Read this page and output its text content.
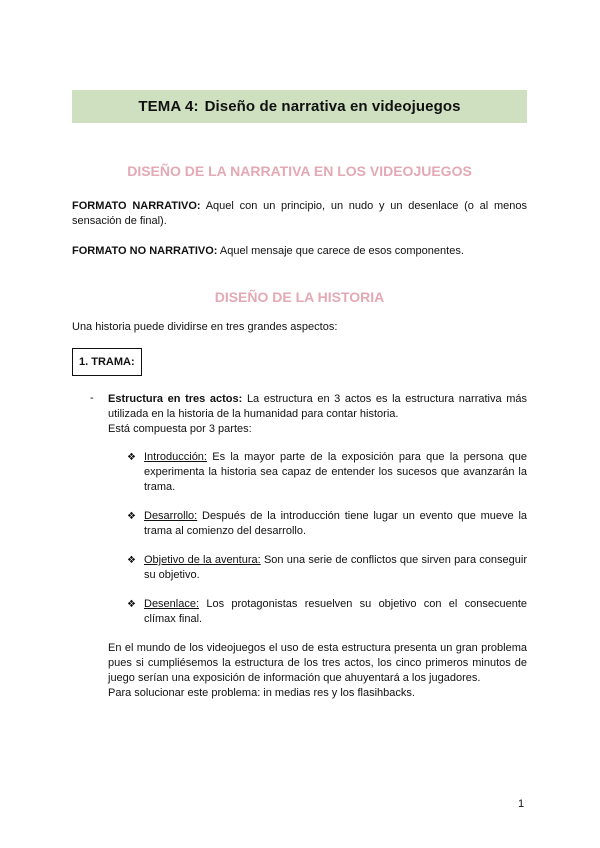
TEMA 4: Diseño de narrativa en videojuegos
DISEÑO DE LA NARRATIVA EN LOS VIDEOJUEGOS
FORMATO NARRATIVO: Aquel con un principio, un nudo y un desenlace (o al menos sensación de final).
FORMATO NO NARRATIVO: Aquel mensaje que carece de esos componentes.
DISEÑO DE LA HISTORIA
Una historia puede dividirse en tres grandes aspectos:
1. TRAMA:
- Estructura en tres actos: La estructura en 3 actos es la estructura narrativa más utilizada en la historia de la humanidad para contar historia.
Está compuesta por 3 partes:
❖ Introducción: Es la mayor parte de la exposición para que la persona que experimenta la historia sea capaz de entender los sucesos que avanzarán la trama.
❖ Desarrollo: Después de la introducción tiene lugar un evento que mueve la trama al comienzo del desarrollo.
❖ Objetivo de la aventura: Son una serie de conflictos que sirven para conseguir su objetivo.
❖ Desenlace: Los protagonistas resuelven su objetivo con el consecuente clímax final.
En el mundo de los videojuegos el uso de esta estructura presenta un gran problema pues si cumpliésemos la estructura de los tres actos, los cinco primeros minutos de juego serían una exposición de información que ahuyentará a los jugadores.
Para solucionar este problema: in medias res y los flasihbacks.
1
